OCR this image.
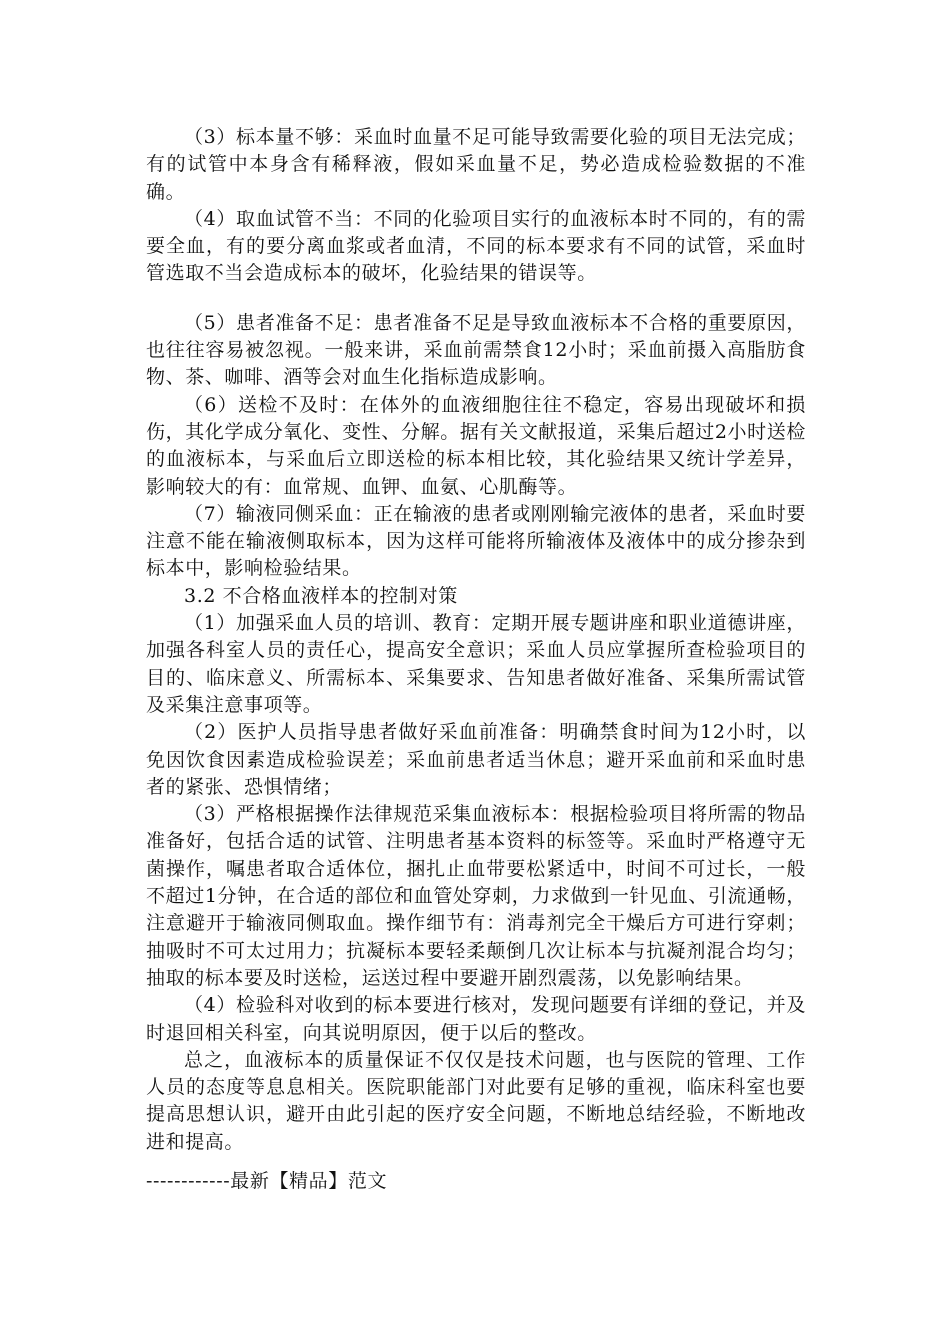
（3）标本量不够：采血时血量不足可能导致需要化验的项目无法完成；有的试管中本身含有稀释液，假如采血量不足，势必造成检验数据的不准确。

（4）取血试管不当：不同的化验项目实行的血液标本时不同的，有的需要全血，有的要分离血浆或者血清，不同的标本要求有不同的试管，采血时管选取不当会造成标本的破坏，化验结果的错误等。

（5）患者准备不足：患者准备不足是导致血液标本不合格的重要原因，也往往容易被忽视。一般来讲，采血前需禁食12小时；采血前摄入高脂肪食物、茶、咖啡、酒等会对血生化指标造成影响。

（6）送检不及时：在体外的血液细胞往往不稳定，容易出现破坏和损伤，其化学成分氧化、变性、分解。据有关文献报道，采集后超过2小时送检的血液标本，与采血后立即送检的标本相比较，其化验结果又统计学差异，影响较大的有：血常规、血钾、血氨、心肌酶等。

（7）输液同侧采血：正在输液的患者或刚刚输完液体的患者，采血时要注意不能在输液侧取标本，因为这样可能将所输液体及液体中的成分掺杂到标本中，影响检验结果。

3.2 不合格血液样本的控制对策

（1）加强采血人员的培训、教育：定期开展专题讲座和职业道德讲座，加强各科室人员的责任心，提高安全意识；采血人员应掌握所查检验项目的目的、临床意义、所需标本、采集要求、告知患者做好准备、采集所需试管及采集注意事项等。

（2）医护人员指导患者做好采血前准备：明确禁食时间为12小时，以免因饮食因素造成检验误差；采血前患者适当休息；避开采血前和采血时患者的紧张、恐惧情绪；

（3）严格根据操作法律规范采集血液标本：根据检验项目将所需的物品准备好，包括合适的试管、注明患者基本资料的标签等。采血时严格遵守无菌操作，嘱患者取合适体位，捆扎止血带要松紧适中，时间不可过长，一般不超过1分钟，在合适的部位和血管处穿刺，力求做到一针见血、引流通畅，注意避开于输液同侧取血。操作细节有：消毒剂完全干燥后方可进行穿刺；抽吸时不可太过用力；抗凝标本要轻柔颠倒几次让标本与抗凝剂混合均匀；抽取的标本要及时送检，运送过程中要避开剧烈震荡，以免影响结果。

（4）检验科对收到的标本要进行核对，发现问题要有详细的登记，并及时退回相关科室，向其说明原因，便于以后的整改。

总之，血液标本的质量保证不仅仅是技术问题，也与医院的管理、工作人员的态度等息息相关。医院职能部门对此要有足够的重视，临床科室也要提高思想认识，避开由此引起的医疗安全问题，不断地总结经验，不断地改进和提高。

------------最新【精品】范文
